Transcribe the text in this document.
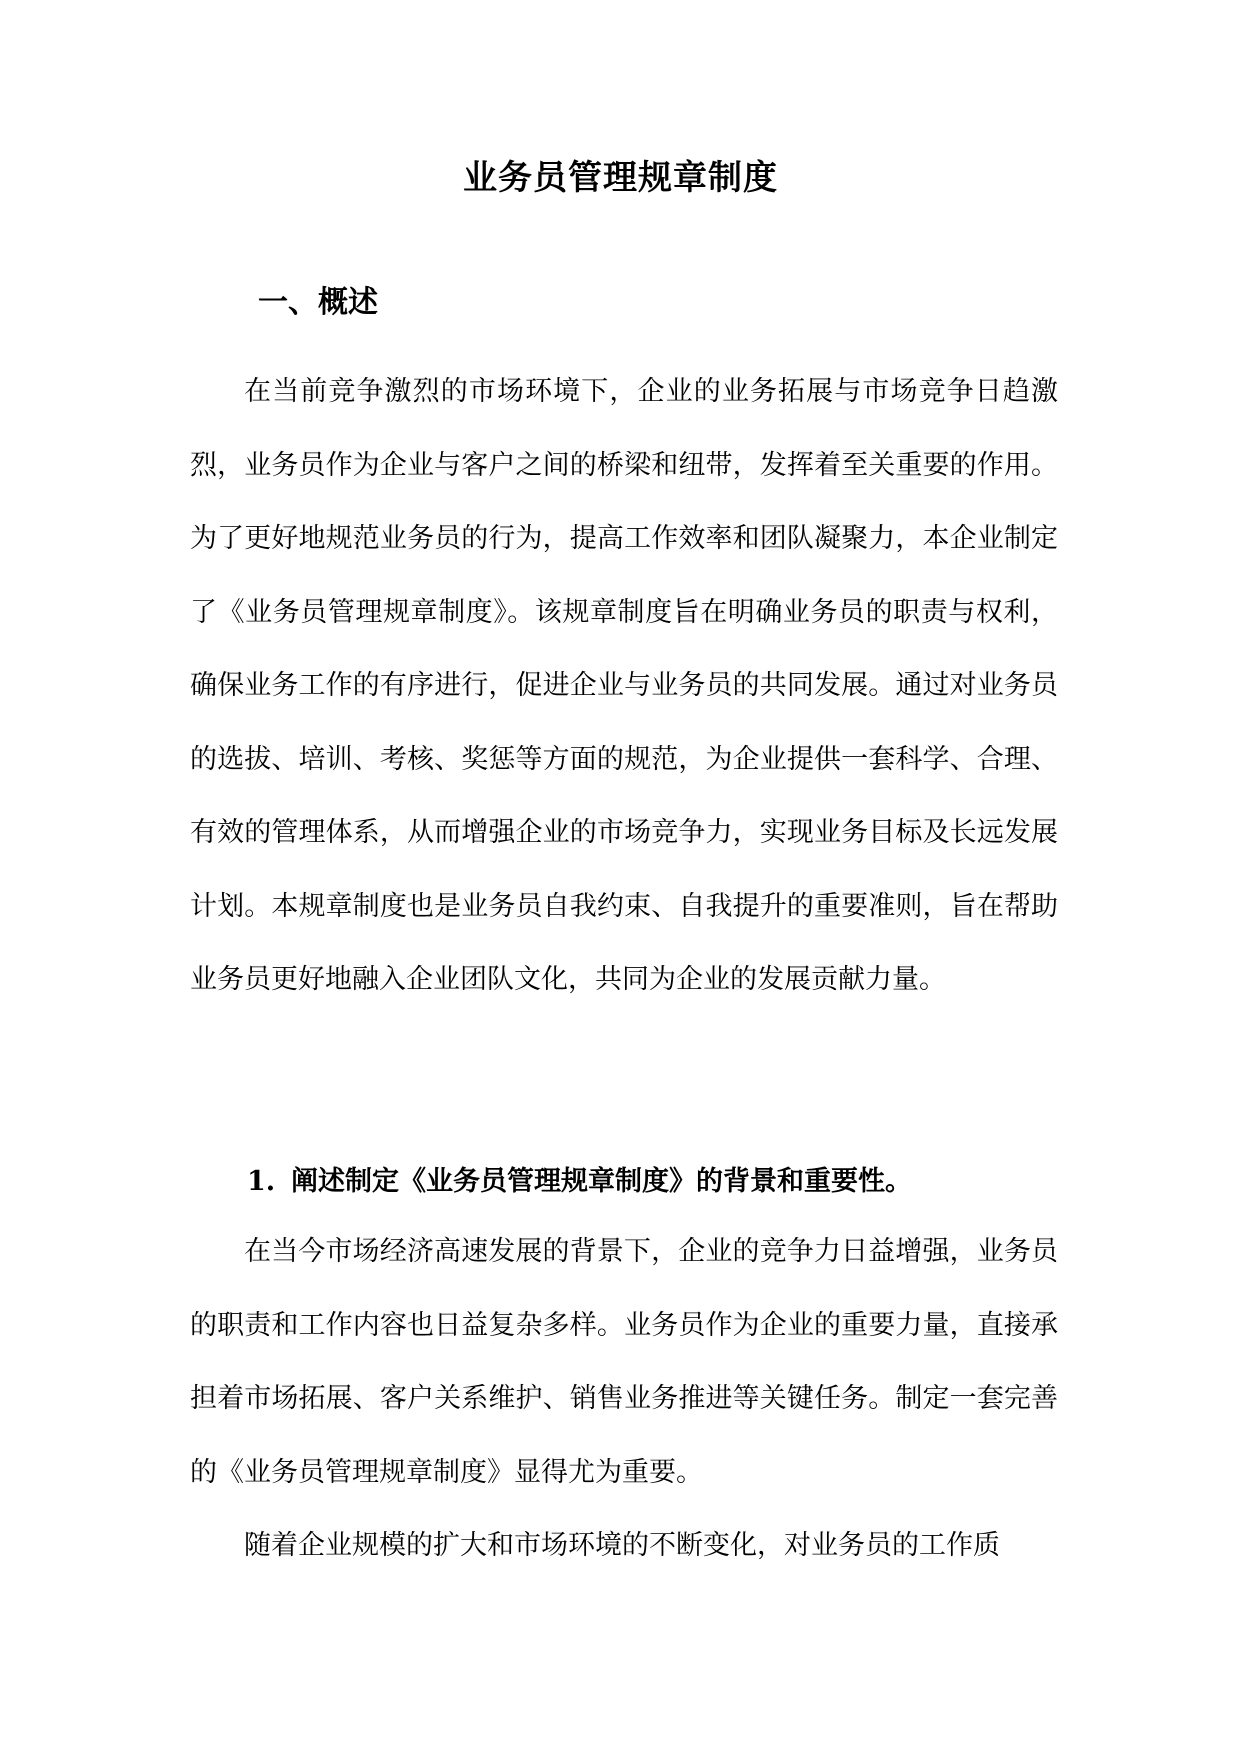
业务员管理规章制度
一、概述
在当前竞争激烈的市场环境下，企业的业务拓展与市场竞争日趋激烈，业务员作为企业与客户之间的桥梁和纽带，发挥着至关重要的作用。为了更好地规范业务员的行为，提高工作效率和团队凝聚力，本企业制定了《业务员管理规章制度》。该规章制度旨在明确业务员的职责与权利，确保业务工作的有序进行，促进企业与业务员的共同发展。通过对业务员的选拔、培训、考核、奖惩等方面的规范，为企业提供一套科学、合理、有效的管理体系，从而增强企业的市场竞争力，实现业务目标及长远发展计划。本规章制度也是业务员自我约束、自我提升的重要准则，旨在帮助业务员更好地融入企业团队文化，共同为企业的发展贡献力量。
1. 阐述制定《业务员管理规章制度》的背景和重要性。
在当今市场经济高速发展的背景下，企业的竞争力日益增强，业务员的职责和工作内容也日益复杂多样。业务员作为企业的重要力量，直接承担着市场拓展、客户关系维护、销售业务推进等关键任务。制定一套完善的《业务员管理规章制度》显得尤为重要。
随着企业规模的扩大和市场环境的不断变化，对业务员的工作质
